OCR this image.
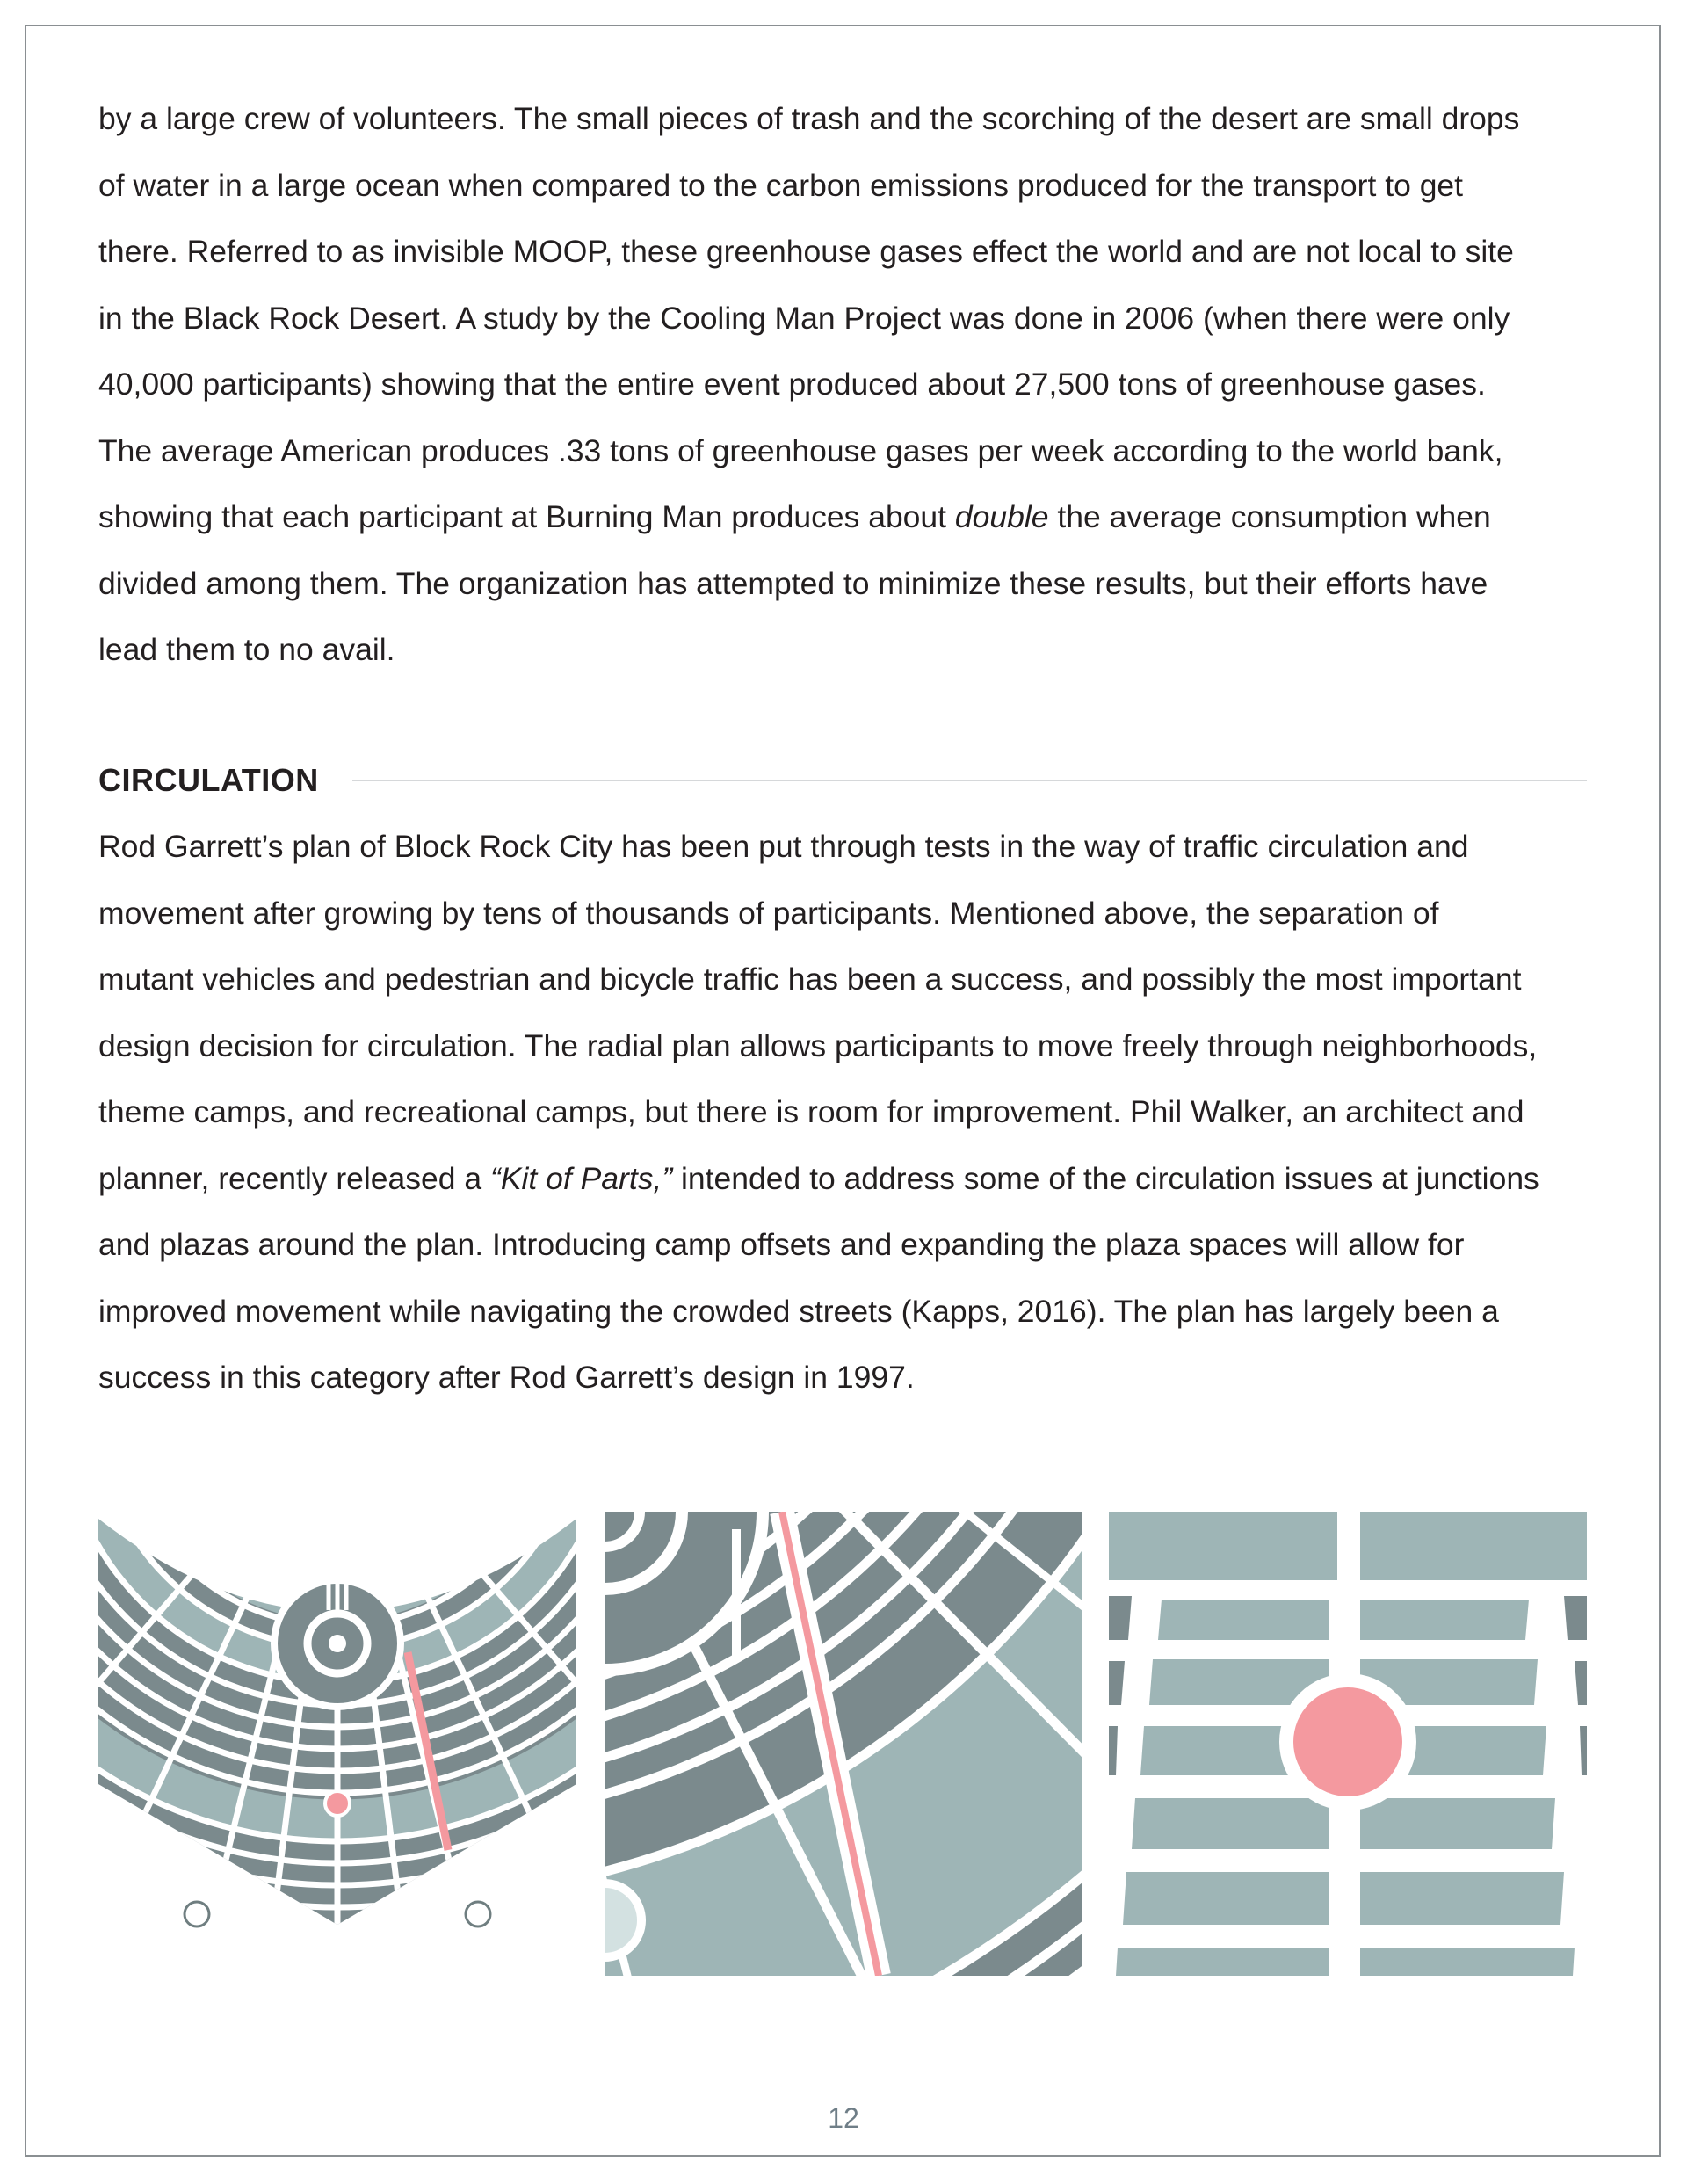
by a large crew of volunteers. The small pieces of trash and the scorching of the desert are small drops
of water in a large ocean when compared to the carbon emissions produced for the transport to get
there. Referred to as invisible MOOP, these greenhouse gases effect the world and are not local to site
in the Black Rock Desert. A study by the Cooling Man Project was done in 2006 (when there were only
40,000 participants) showing that the entire event produced about 27,500 tons of greenhouse gases.
The average American produces .33 tons of greenhouse gases per week according to the world bank,
showing that each participant at Burning Man produces about double the average consumption when
divided among them. The organization has attempted to minimize these results, but their efforts have
lead them to no avail.

CIRCULATION

Rod Garrett’s plan of Block Rock City has been put through tests in the way of traffic circulation and
movement after growing by tens of thousands of participants. Mentioned above, the separation of
mutant vehicles and pedestrian and bicycle traffic has been a success, and possibly the most important
design decision for circulation. The radial plan allows participants to move freely through neighborhoods,
theme camps, and recreational camps, but there is room for improvement. Phil Walker, an architect and
planner, recently released a “Kit of Parts,” intended to address some of the circulation issues at junctions
and plazas around the plan. Introducing camp offsets and expanding the plaza spaces will allow for
improved movement while navigating the crowded streets (Kapps, 2016). The plan has largely been a
success in this category after Rod Garrett’s design in 1997.

12
